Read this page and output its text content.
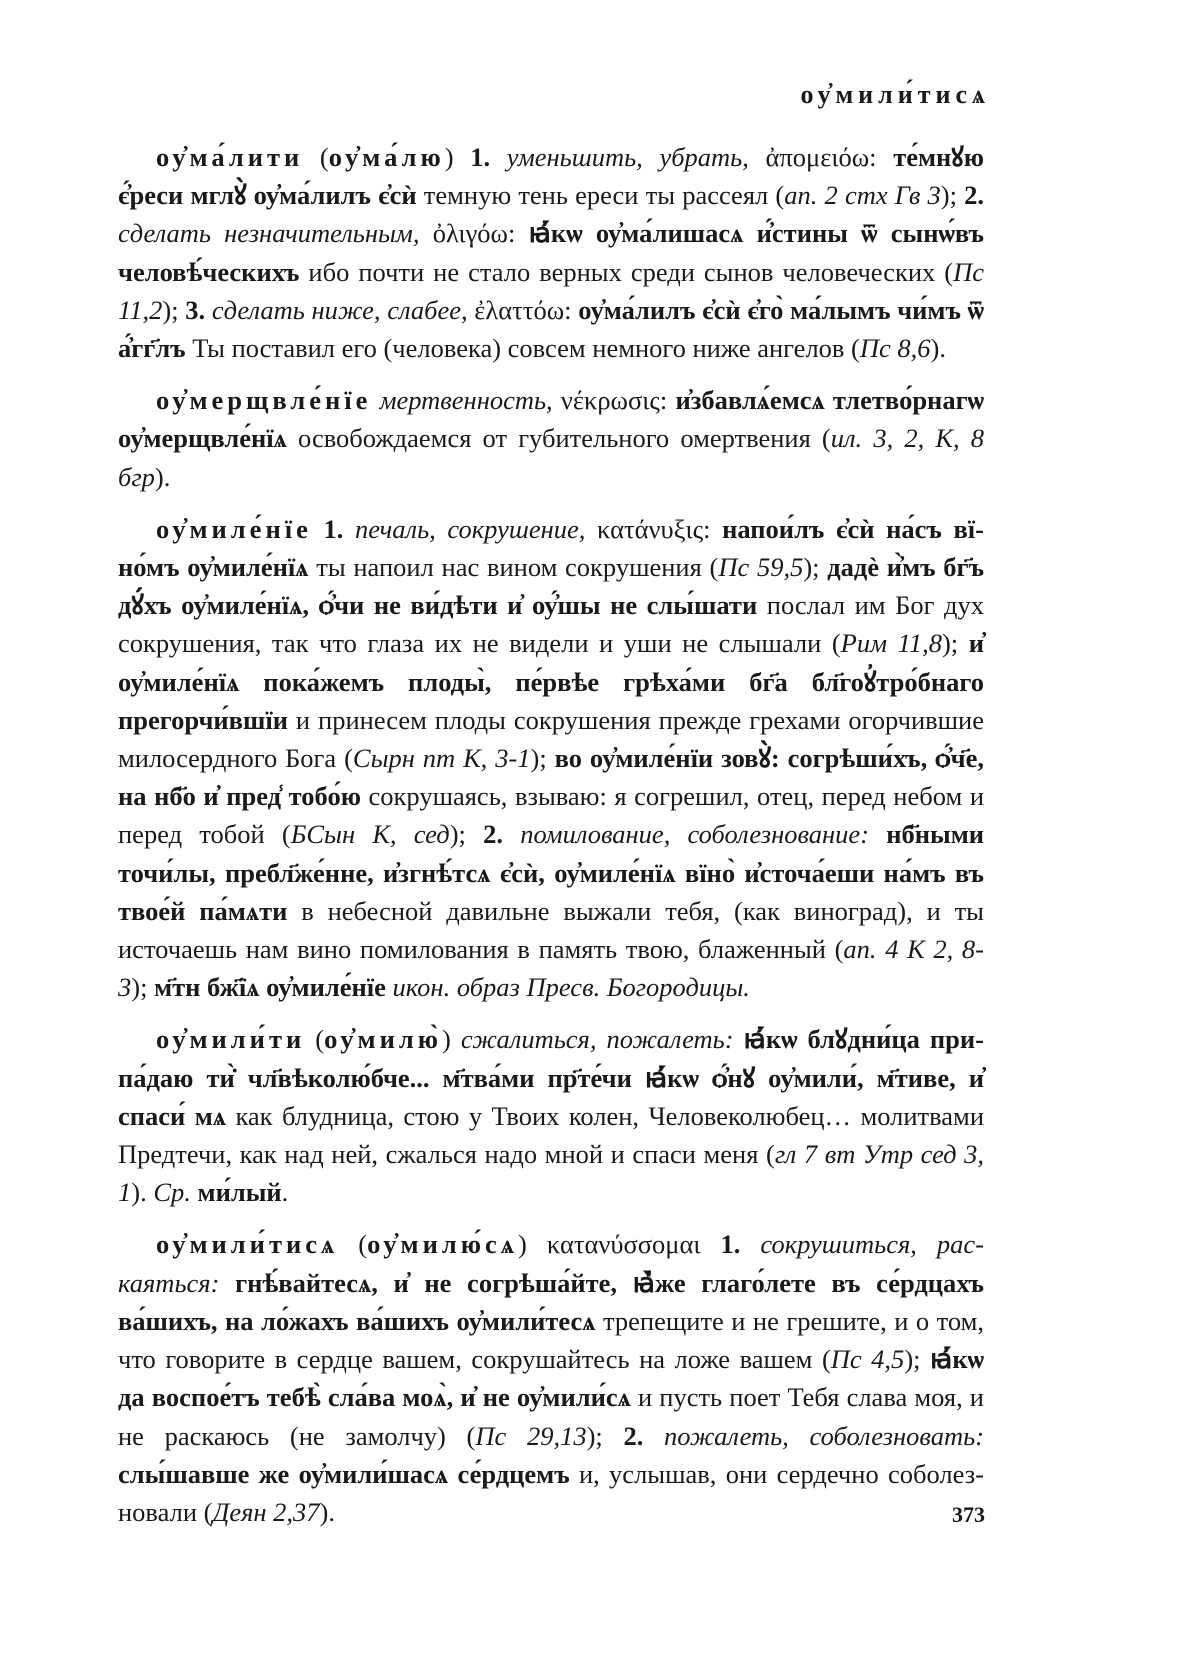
оу҆мили́тисѧ

оу҆ма́лити (оу҆ма́лю) 1. уменьшить, убрать, ἀπομειόω: те́мнꙋю є҆́реси мглꙋ̀ оу҆ма́лилъ є҆сѝ темную тень ереси ты рассеял (ап. 2 стх Гв 3); 2. сделать незначительным, ὀλιγόω: ꙗ҆́кѡ оу҆ма́лишасѧ и҆́стины ѿ сынѡ́въ человѣ́ческихъ ибо почти не стало верных среди сынов человеческих (Пс 11,2); 3. сделать ниже, слабее, ἐλαττόω: оу҆ма́лилъ є҆сѝ є҆го̀ ма́лымъ чи́мъ ѿ а҆́гг҃лъ Ты поставил его (человека) совсем немного ниже ангелов (Пс 8,6).

оу҆мерщвле́нїе мертвенность, νέκρωσις: и҆збавлѧ́емсѧ тлетво́рнагѡ оу҆мерщвле́нїѧ освобождаемся от губительного омертвения (ил. 3, 2, К, 8 бгр).

оу҆миле́нїе 1. печаль, сокрушение, κατάνυξις: напои́лъ є҆сѝ на́съ вїно́мъ оу҆миле́нїѧ ты напоил нас вином сокрушения (Пс 59,5); дадѐ и҆̀мъ бг҃ъ дꙋ́хъ оу҆миле́нїѧ, ѻ҆́чи не ви́дѣти и҆ оу҆́шы не слы́шати послал им Бог дух сокрушения, так что глаза их не видели и уши не слышали (Рим 11,8); и҆ оу҆миле́нїѧ пока́жемъ плоды̀, пе́рвѣе грѣха́ми бг҃а бл҃гоꙋ҆тро́бнаго прегорчи́вшїи и принесем плоды сокрушения прежде грехами огорчившие милосердного Бога (Сырн пт К, 3-1); во оу҆миле́нїи зовꙋ̀: согрѣши́хъ, ѻ҆́ч҃е, на нб҃о и҆ пред̾ тобо́ю сокрушаясь, взываю: я согрешил, отец, перед небом и перед тобой (БСын К, сед); 2. помилование, соболезнование: нб҃ными точи́лы, пребл҃же́нне, и҆згнѣ́тсѧ є҆сѝ, оу҆миле́нїѧ вїно̀ и҆сточа́еши на́мъ въ твое́й па́мѧти в небесной давильне выжали тебя, (как виноград), и ты источаешь нам вино помилования в память твою, блаженный (ап. 4 К 2, 8-3); м҃тн бж҃їѧ оу҆миле́нїе икон. образ Пресв. Богородицы.

оу҆мили́ти (оу҆милю̀) сжалиться, пожалеть: ꙗ҆́кѡ блꙋдни́ца припа́даю ти̇̀ чл҃вѣколю́бче... м҃тва́ми пр҃те́чи ꙗ҆́кѡ ѻ҆́нꙋ оу҆мили́, м҃тиве, и҆ спаси́ мѧ как блудница, стою у Твоих колен, Человеколюбец… молитвами Предтечи, как над ней, сжалься надо мной и спаси меня (гл 7 вт Утр сед 3, 1). Ср. ми́лый.

оу҆мили́тисѧ (оу҆милю́сѧ) κατανύσσομαι 1. сокрушиться, раскаяться: гнѣ́вайтесѧ, и҆ не согрѣша́йте, ꙗ҆̀же глаго́лете въ се́рдцахъ ва́шихъ, на ло́жахъ ва́шихъ оу҆мили́тесѧ трепещите и не грешите, и о том, что говорите в сердце вашем, сокрушайтесь на ложе вашем (Пс 4,5); ꙗ҆́кѡ да воспое́тъ тебѣ̀ сла́ва моѧ̀, и҆ не оу҆мили́сѧ и пусть поет Тебя слава моя, и не раскаюсь (не замолчу) (Пс 29,13); 2. пожалеть, соболезновать: слы́шавше же оу҆мили́шасѧ се́рдцемъ и, услышав, они сердечно соболезновали (Деян 2,37).	373
